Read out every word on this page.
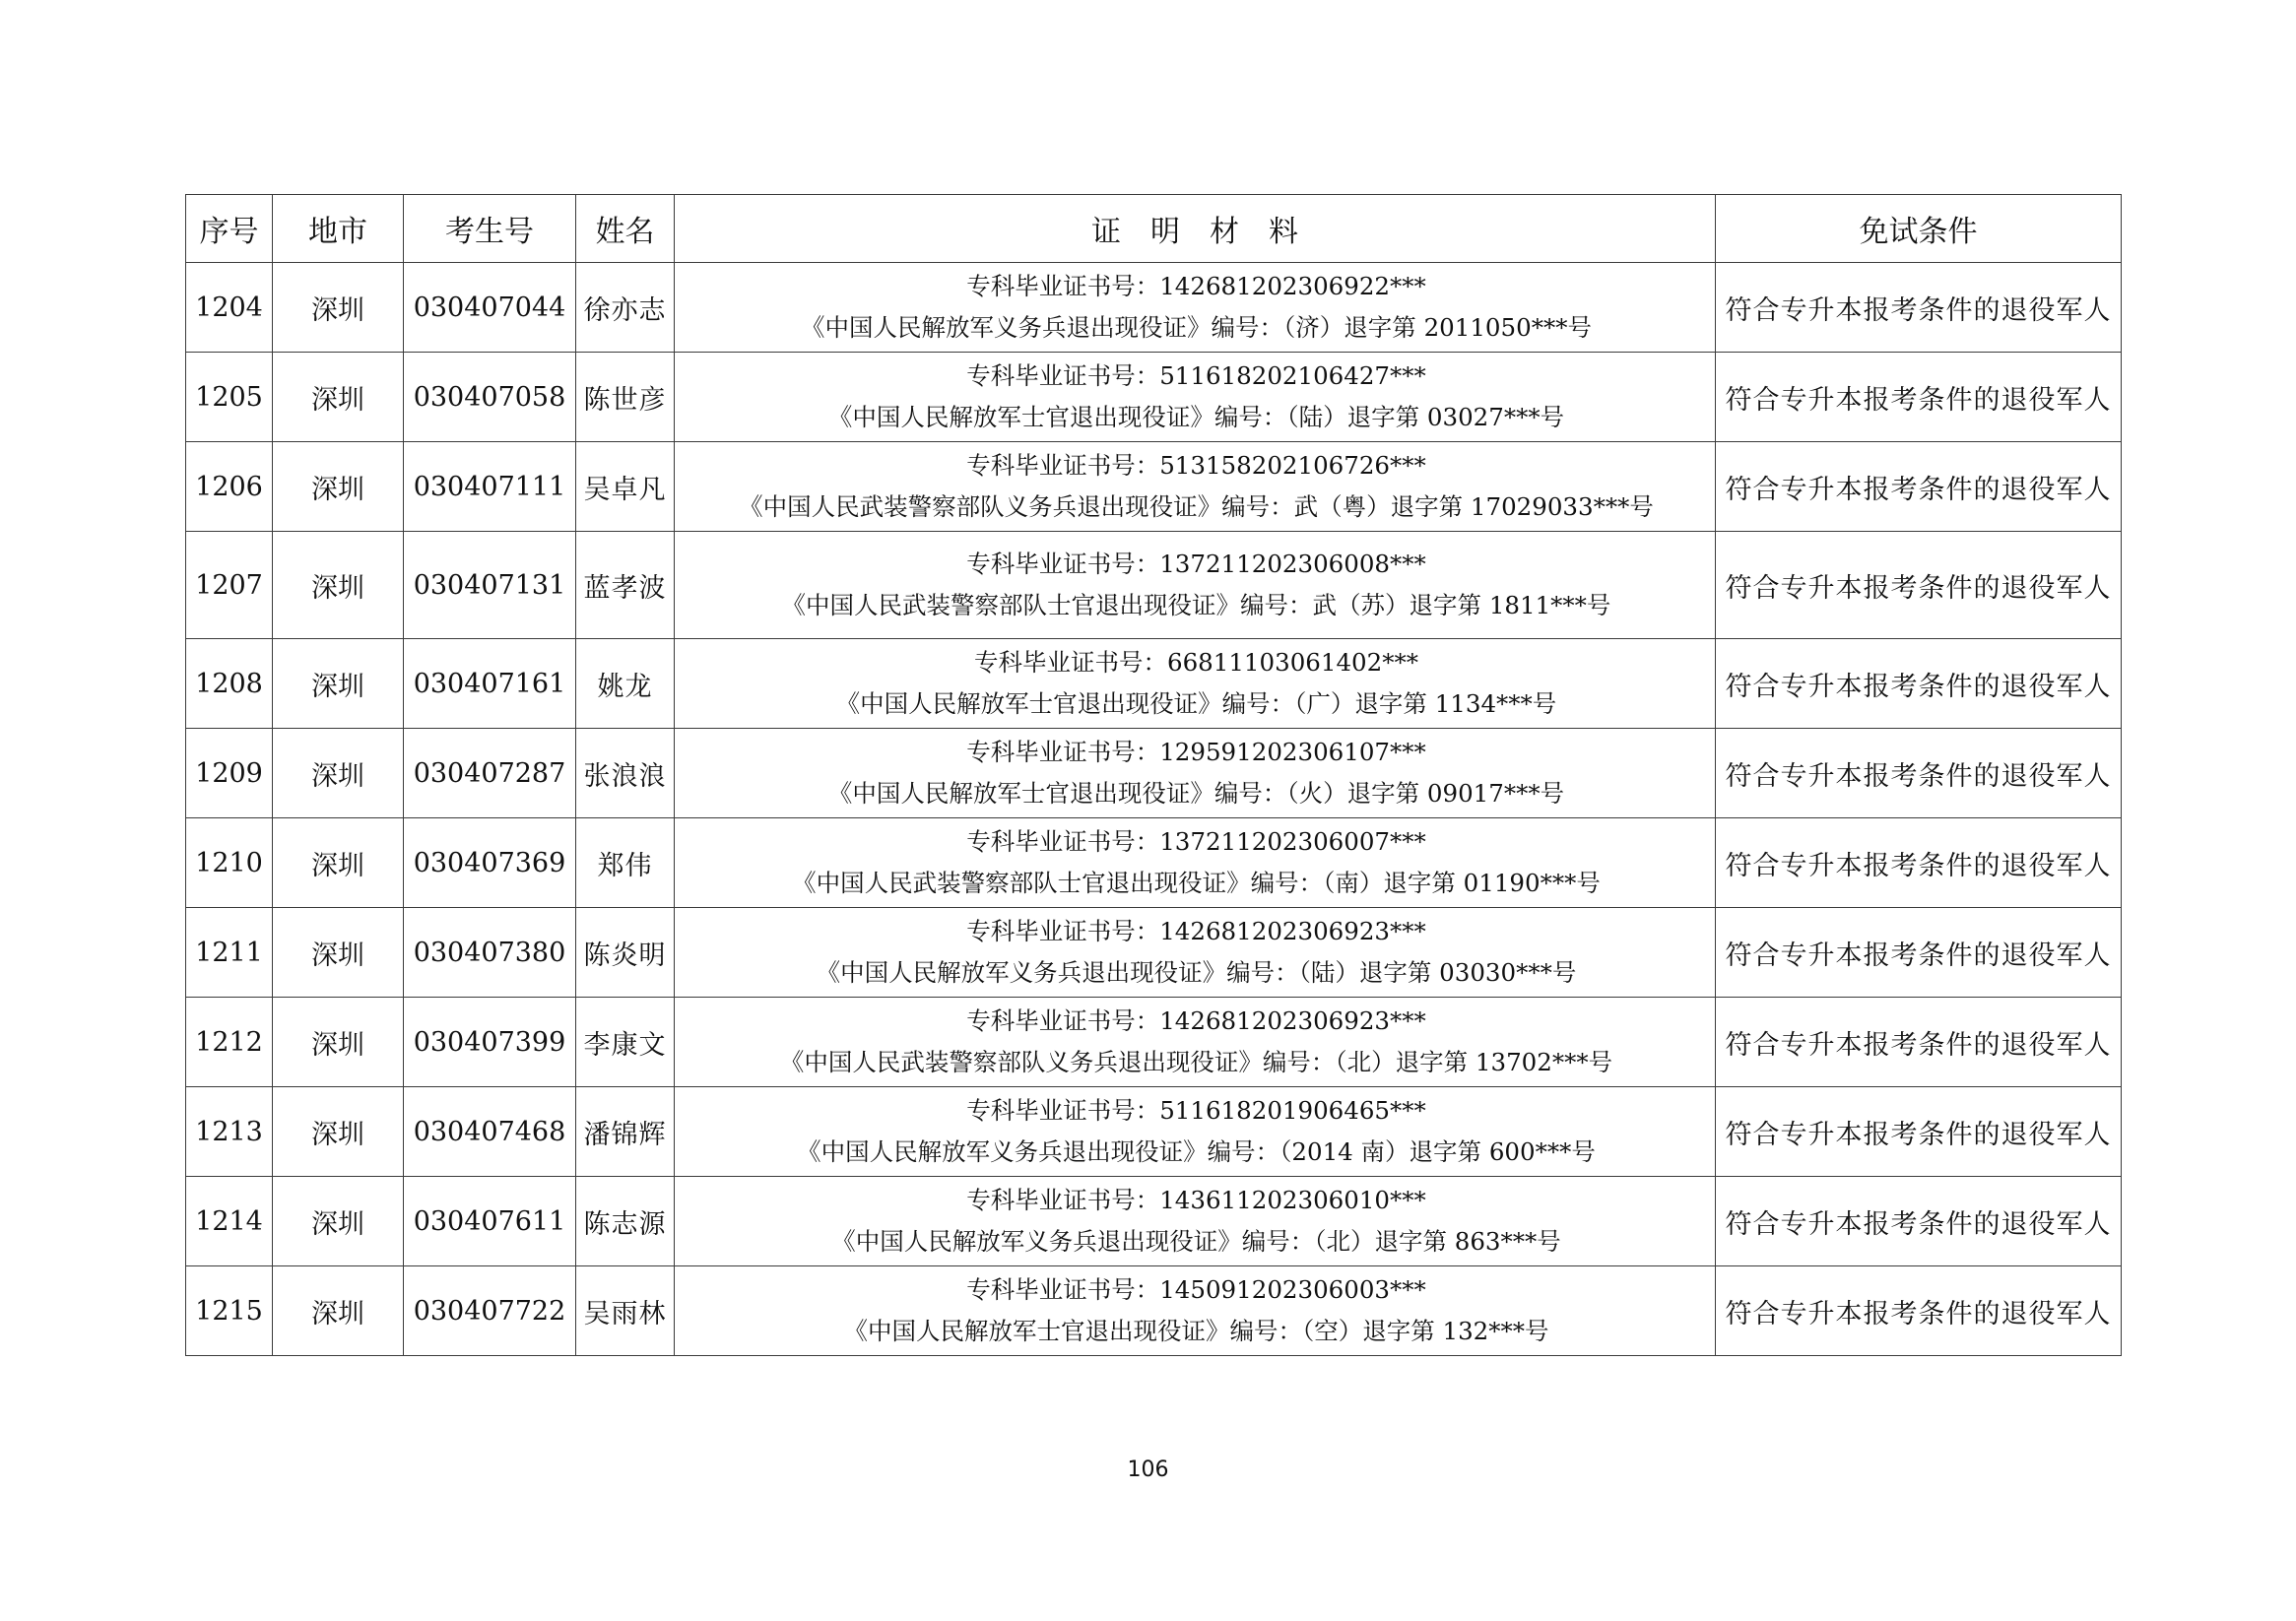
序号	地市	考生号	姓名	证　明　材　料	免试条件
1204	深圳	030407044	徐亦志	专科毕业证书号：142681202306922***
《中国人民解放军义务兵退出现役证》编号：（济）退字第 2011050***号	符合专升本报考条件的退役军人
1205	深圳	030407058	陈世彦	专科毕业证书号：511618202106427***
《中国人民解放军士官退出现役证》编号：（陆）退字第 03027***号	符合专升本报考条件的退役军人
1206	深圳	030407111	吴卓凡	专科毕业证书号：513158202106726***
《中国人民武装警察部队义务兵退出现役证》编号：武（粤）退字第 17029033***号	符合专升本报考条件的退役军人
1207	深圳	030407131	蓝孝波	专科毕业证书号：137211202306008***
《中国人民武装警察部队士官退出现役证》编号：武（苏）退字第 1811***号	符合专升本报考条件的退役军人
1208	深圳	030407161	姚龙	专科毕业证书号：66811103061402***
《中国人民解放军士官退出现役证》编号：（广）退字第 1134***号	符合专升本报考条件的退役军人
1209	深圳	030407287	张浪浪	专科毕业证书号：129591202306107***
《中国人民解放军士官退出现役证》编号：（火）退字第 09017***号	符合专升本报考条件的退役军人
1210	深圳	030407369	郑伟	专科毕业证书号：137211202306007***
《中国人民武装警察部队士官退出现役证》编号：（南）退字第 01190***号	符合专升本报考条件的退役军人
1211	深圳	030407380	陈炎明	专科毕业证书号：142681202306923***
《中国人民解放军义务兵退出现役证》编号：（陆）退字第 03030***号	符合专升本报考条件的退役军人
1212	深圳	030407399	李康文	专科毕业证书号：142681202306923***
《中国人民武装警察部队义务兵退出现役证》编号：（北）退字第 13702***号	符合专升本报考条件的退役军人
1213	深圳	030407468	潘锦辉	专科毕业证书号：511618201906465***
《中国人民解放军义务兵退出现役证》编号：（2014 南）退字第 600***号	符合专升本报考条件的退役军人
1214	深圳	030407611	陈志源	专科毕业证书号：143611202306010***
《中国人民解放军义务兵退出现役证》编号：（北）退字第 863***号	符合专升本报考条件的退役军人
1215	深圳	030407722	吴雨林	专科毕业证书号：145091202306003***
《中国人民解放军士官退出现役证》编号：（空）退字第 132***号	符合专升本报考条件的退役军人
106
